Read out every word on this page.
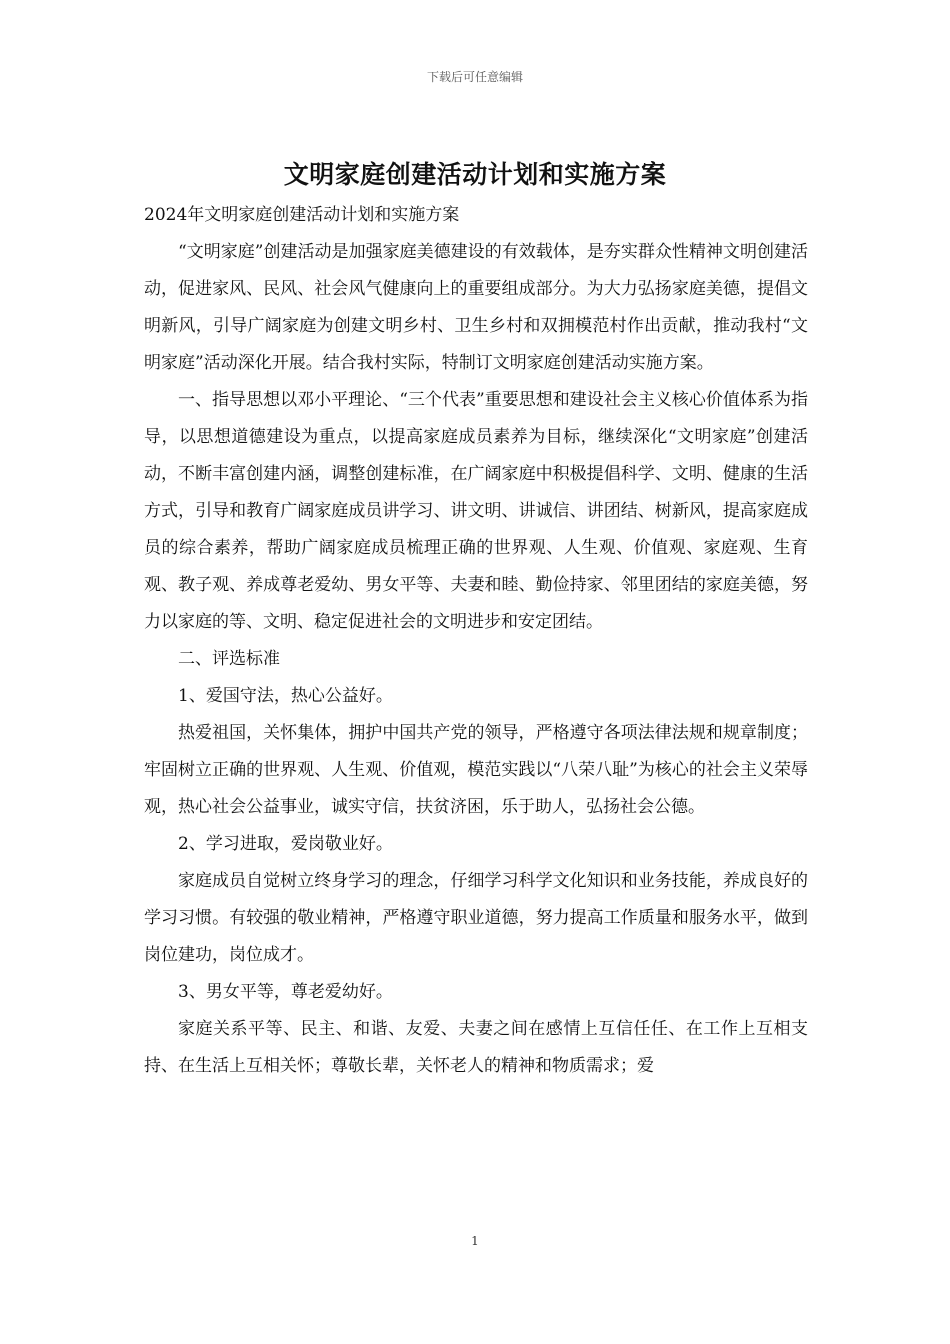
下载后可任意编辑
文明家庭创建活动计划和实施方案

2024年文明家庭创建活动计划和实施方案

“文明家庭”创建活动是加强家庭美德建设的有效载体，是夯实群众性精神文明创建活动，促进家风、民风、社会风气健康向上的重要组成部分。为大力弘扬家庭美德，提倡文明新风，引导广阔家庭为创建文明乡村、卫生乡村和双拥模范村作出贡献，推动我村“文明家庭”活动深化开展。结合我村实际，特制订文明家庭创建活动实施方案。

一、指导思想以邓小平理论、“三个代表”重要思想和建设社会主义核心价值体系为指导，以思想道德建设为重点，以提高家庭成员素养为目标，继续深化“文明家庭”创建活动，不断丰富创建内涵，调整创建标准，在广阔家庭中积极提倡科学、文明、健康的生活方式，引导和教育广阔家庭成员讲学习、讲文明、讲诚信、讲团结、树新风，提高家庭成员的综合素养，帮助广阔家庭成员梳理正确的世界观、人生观、价值观、家庭观、生育观、教子观、养成尊老爱幼、男女平等、夫妻和睦、勤俭持家、邻里团结的家庭美德，努力以家庭的等、文明、稳定促进社会的文明进步和安定团结。

二、评选标准

1、爱国守法，热心公益好。

热爱祖国，关怀集体，拥护中国共产党的领导，严格遵守各项法律法规和规章制度；牢固树立正确的世界观、人生观、价值观，模范实践以“八荣八耻”为核心的社会主义荣辱观，热心社会公益事业，诚实守信，扶贫济困，乐于助人，弘扬社会公德。

2、学习进取，爱岗敬业好。

家庭成员自觉树立终身学习的理念，仔细学习科学文化知识和业务技能，养成良好的学习习惯。有较强的敬业精神，严格遵守职业道德，努力提高工作质量和服务水平，做到岗位建功，岗位成才。

3、男女平等，尊老爱幼好。

家庭关系平等、民主、和谐、友爱、夫妻之间在感情上互信任任、在工作上互相支持、在生活上互相关怀；尊敬长辈，关怀老人的精神和物质需求；爱

1
